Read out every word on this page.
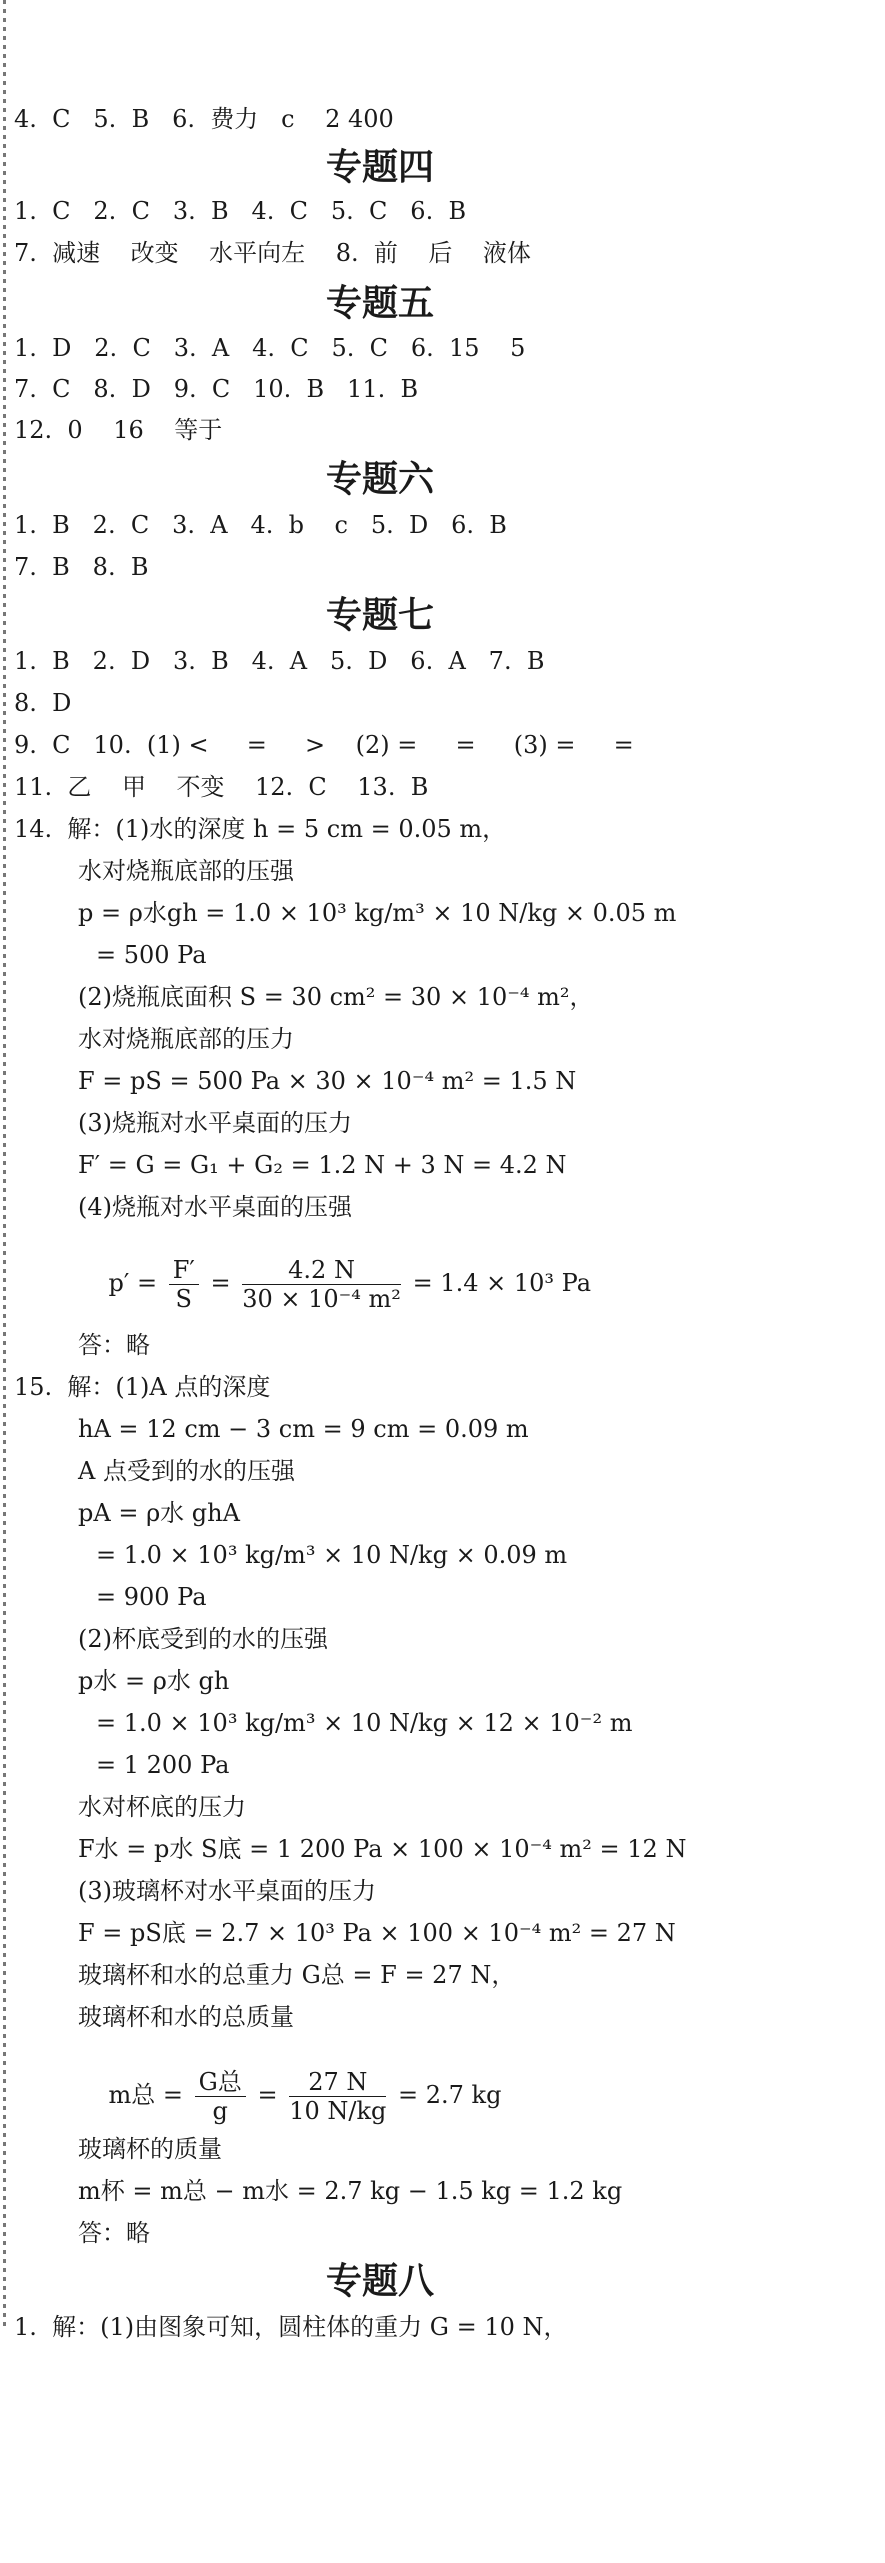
4.  C   5.  B   6.  费力   c    2 400
专题四
1.  C   2.  C   3.  B   4.  C   5.  C   6.  B
7.  减速    改变    水平向左    8.  前    后    液体
专题五
1.  D   2.  C   3.  A   4.  C   5.  C   6.  15    5
7.  C   8.  D   9.  C   10.  B   11.  B
12.  0    16    等于
专题六
1.  B   2.  C   3.  A   4.  b    c   5.  D   6.  B
7.  B   8.  B
专题七
1.  B   2.  D   3.  B   4.  A   5.  D   6.  A   7.  B
8.  D
9.  C   10.  (1) <     =     >    (2) =     =     (3) =     =
11.  乙    甲    不变    12.  C    13.  B
14.  解：(1)水的深度 h = 5 cm = 0.05 m，
水对烧瓶底部的压强
p = ρ水gh = 1.0 × 10³ kg/m³ × 10 N/kg × 0.05 m
= 500 Pa
(2)烧瓶底面积 S = 30 cm² = 30 × 10⁻⁴ m²，
水对烧瓶底部的压力
F = pS = 500 Pa × 30 × 10⁻⁴ m² = 1.5 N
(3)烧瓶对水平桌面的压力
F′ = G = G₁ + G₂ = 1.2 N + 3 N = 4.2 N
(4)烧瓶对水平桌面的压强

$p' = \frac{F'}{S} = \frac{4.2 N}{\text{30 × 10⁻⁴ m²}} = 1.4 \times 10^3$ Pa

答：略
15.  解：(1)A 点的深度
hA = 12 cm − 3 cm = 9 cm = 0.09 m
A 点受到的水的压强
pA = ρ水 ghA
= 1.0 × 10³ kg/m³ × 10 N/kg × 0.09 m
= 900 Pa
(2)杯底受到的水的压强
p水 = ρ水 gh
= 1.0 × 10³ kg/m³ × 10 N/kg × 12 × 10⁻² m
= 1 200 Pa
水对杯底的压力
F水 = p水 S底 = 1 200 Pa × 100 × 10⁻⁴ m² = 12 N
(3)玻璃杯对水平桌面的压力
F = pS底 = 2.7 × 10³ Pa × 100 × 10⁻⁴ m² = 27 N
玻璃杯和水的总重力 G总 = F = 27 N，
玻璃杯和水的总质量

m总 = $\frac{\text{G总}}{g} = \frac{27 N}{10 N/kg} = 2.7$ kg

玻璃杯的质量
m杯 = m总 − m水 = 2.7 kg − 1.5 kg = 1.2 kg
答：略
专题八
1.  解：(1)由图象可知，圆柱体的重力 G = 10 N，
